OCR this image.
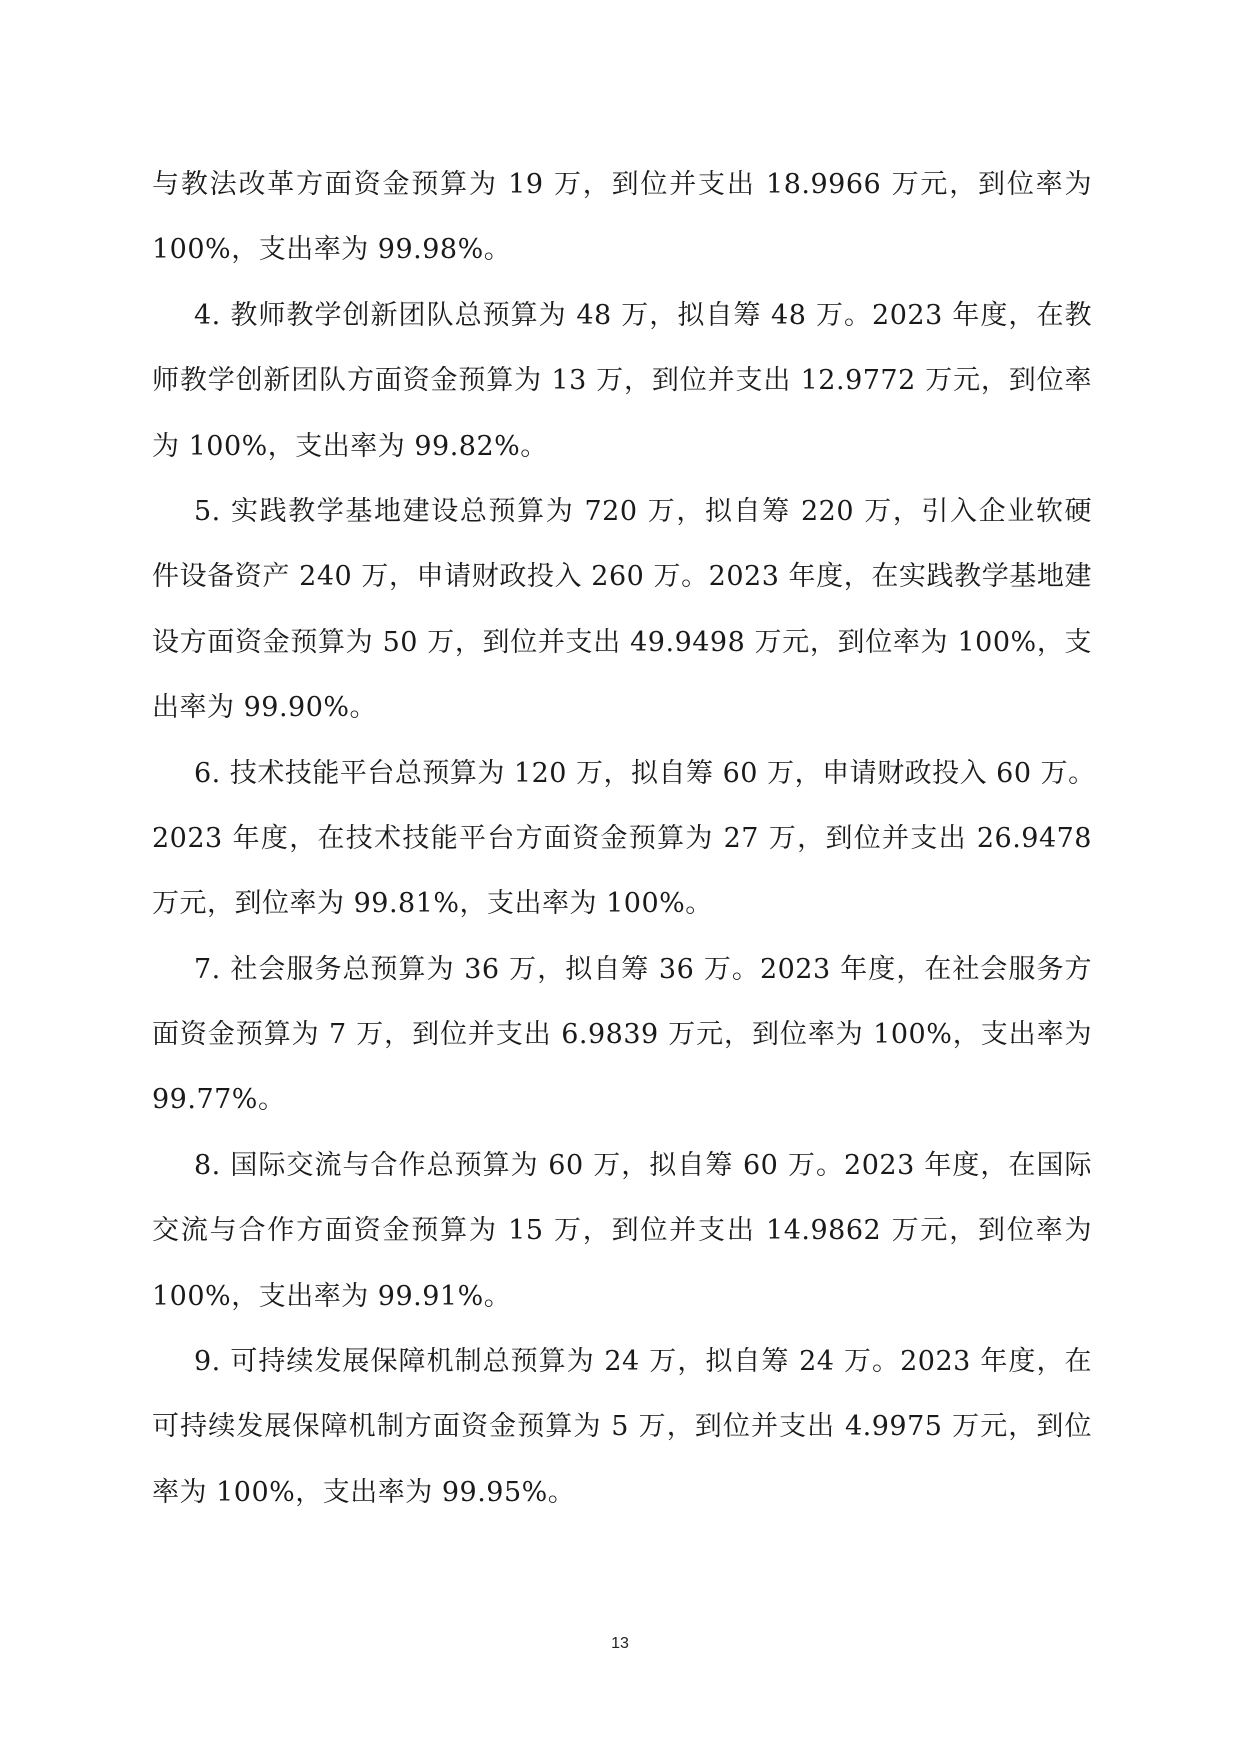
与教法改革方面资金预算为 19 万，到位并支出 18.9966 万元，到位率为
100%，支出率为 99.98%。
4. 教师教学创新团队总预算为 48 万，拟自筹 48 万。2023 年度，在教
师教学创新团队方面资金预算为 13 万，到位并支出 12.9772 万元，到位率
为 100%，支出率为 99.82%。
5. 实践教学基地建设总预算为 720 万，拟自筹 220 万，引入企业软硬
件设备资产 240 万，申请财政投入 260 万。2023 年度，在实践教学基地建
设方面资金预算为 50 万，到位并支出 49.9498 万元，到位率为 100%，支
出率为 99.90%。
6. 技术技能平台总预算为 120 万，拟自筹 60 万，申请财政投入 60 万。
2023 年度，在技术技能平台方面资金预算为 27 万，到位并支出 26.9478
万元，到位率为 99.81%，支出率为 100%。
7. 社会服务总预算为 36 万，拟自筹 36 万。2023 年度，在社会服务方
面资金预算为 7 万，到位并支出 6.9839 万元，到位率为 100%，支出率为
99.77%。
8. 国际交流与合作总预算为 60 万，拟自筹 60 万。2023 年度，在国际
交流与合作方面资金预算为 15 万，到位并支出 14.9862 万元，到位率为
100%，支出率为 99.91%。
9. 可持续发展保障机制总预算为 24 万，拟自筹 24 万。2023 年度，在
可持续发展保障机制方面资金预算为 5 万，到位并支出 4.9975 万元，到位
率为 100%，支出率为 99.95%。
13
